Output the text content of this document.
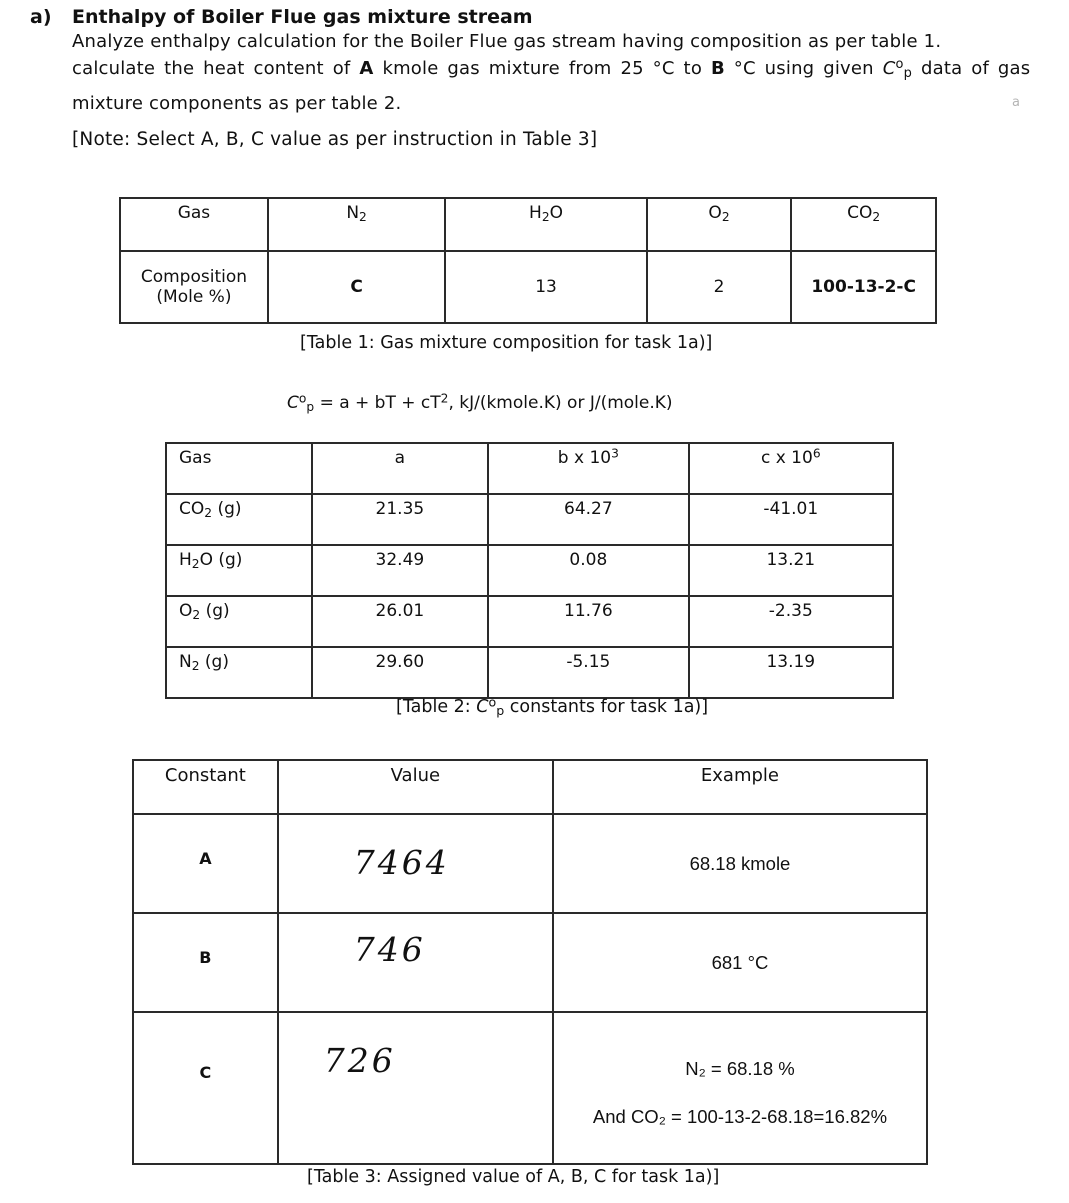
a) Enthalpy of Boiler Flue gas mixture stream
Analyze enthalpy calculation for the Boiler Flue gas stream having composition as per table 1.
calculate the heat content of A kmole gas mixture from 25 °C to B °C using given $C^o_p$ data of gas
mixture components as per table 2.	a
[Note: Select A, B, C value as per instruction in Table 3]
Gas	$N_2$	$H_2O$	$O_2$	$CO_2$

Composition
(Mole %)	C	13	2	100-13-2-C
[Table 1: Gas mixture composition for task 1a)]
$C^o_p = a$ + bT + $cT^2$, kJ/(kmole.K) or J/(mole.K)
Gas	a	b x $10^3$	c x $10^6$
$CO_2$ (g)	21.35	64.27	-41.01
$H_2O$ (g)	32.49	0.08	13.21
$O_2$ (g)	26.01	11.76	-2.35
$N_2$ (g)	29.60	-5.15	13.19
[Table 2: $C^o_p$ constants for task 1a)]
Constant	Value	Example
A	7464	68.18 kmole
B	746	681 °C
C	726	N₂ = 68.18 %
And CO₂ = 100-13-2-68.18=16.82%
[Table 3: Assigned value of A, B, C for task 1a)]
